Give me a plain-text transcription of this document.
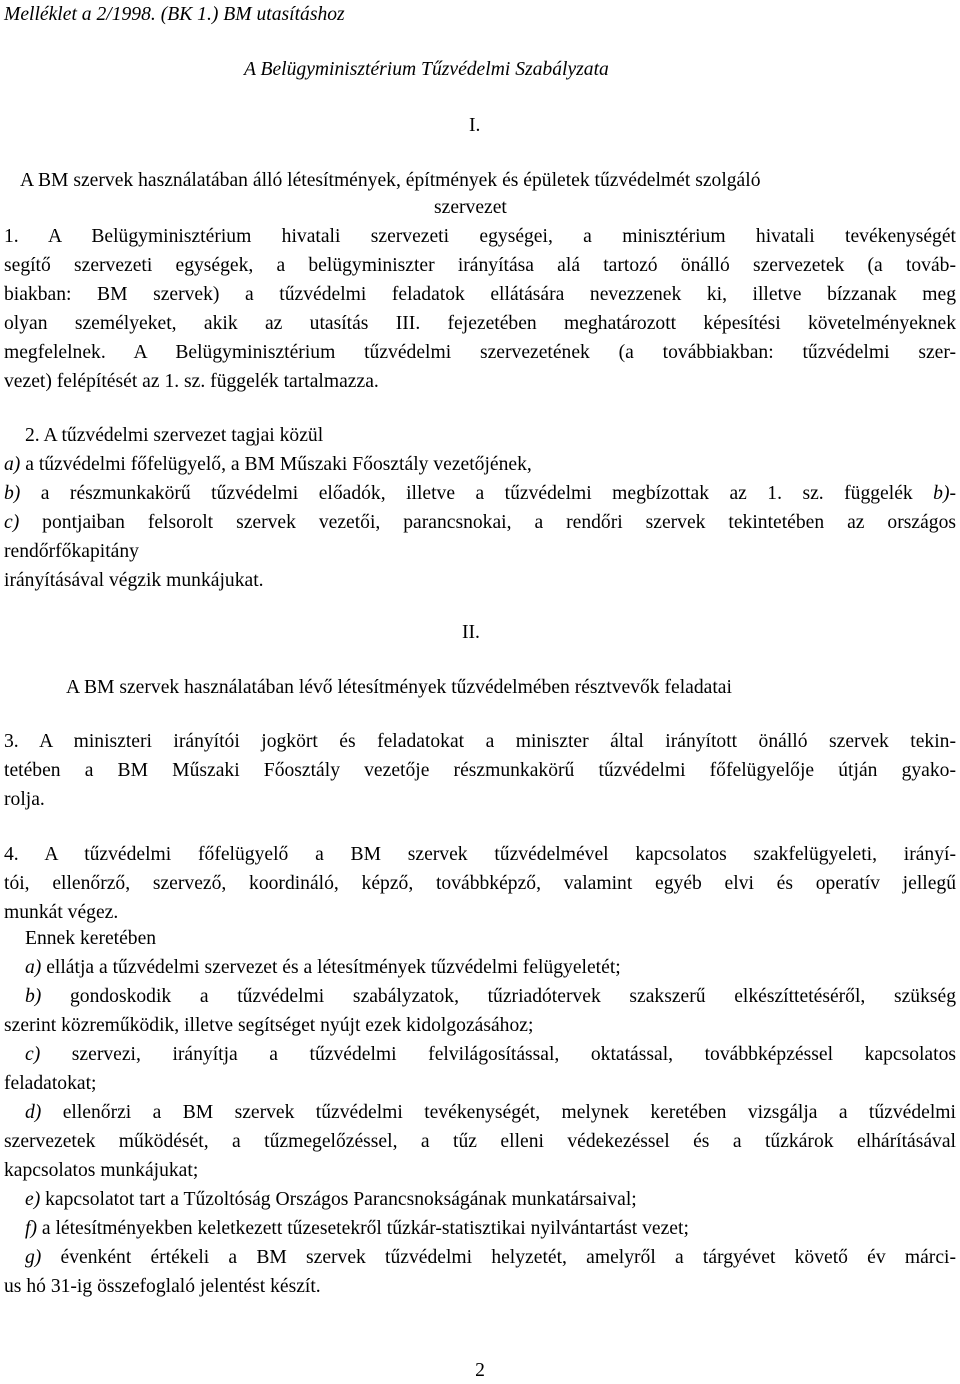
Melléklet a 2/1998. (BK 1.) BM utasításhoz

A Belügyminisztérium Tűzvédelmi Szabályzata

I.

A BM szervek használatában álló létesítmények, építmények és épületek tűzvédelmét szolgáló

szervezet

1. A Belügyminisztérium hivatali szervezeti egységei, a minisztérium hivatali tevékenységét

segítő szervezeti egységek, a belügyminiszter irányítása alá tartozó önálló szervezetek (a továb-

biakban: BM szervek) a tűzvédelmi feladatok ellátására nevezzenek ki, illetve bízzanak meg

olyan személyeket, akik az utasítás III. fejezetében meghatározott képesítési követelményeknek

megfelelnek. A Belügyminisztérium tűzvédelmi szervezetének (a továbbiakban: tűzvédelmi szer-

vezet) felépítését az 1. sz. függelék tartalmazza.

2. A tűzvédelmi szervezet tagjai közül

a) a tűzvédelmi főfelügyelő, a BM Műszaki Főosztály vezetőjének,

b) a részmunkakörű tűzvédelmi előadók, illetve a tűzvédelmi megbízottak az 1. sz. függelék b)-

c) pontjaiban felsorolt szervek vezetői, parancsnokai, a rendőri szervek tekintetében az országos

rendőrfőkapitány

irányításával végzik munkájukat.

II.

A BM szervek használatában lévő létesítmények tűzvédelmében résztvevők feladatai

3. A miniszteri irányítói jogkört és feladatokat a miniszter által irányított önálló szervek tekin-

tetében a BM Műszaki Főosztály vezetője részmunkakörű tűzvédelmi főfelügyelője útján gyako-

rolja.

4. A tűzvédelmi főfelügyelő a BM szervek tűzvédelmével kapcsolatos szakfelügyeleti, irányí-

tói, ellenőrző, szervező, koordináló, képző, továbbképző, valamint egyéb elvi és operatív jellegű

munkát végez.

Ennek keretében

a) ellátja a tűzvédelmi szervezet és a létesítmények tűzvédelmi felügyeletét;

b) gondoskodik a tűzvédelmi szabályzatok, tűzriadótervek szakszerű elkészíttetéséről, szükség

szerint közreműködik, illetve segítséget nyújt ezek kidolgozásához;

c) szervezi, irányítja a tűzvédelmi felvilágosítással, oktatással, továbbképzéssel kapcsolatos

feladatokat;

d) ellenőrzi a BM szervek tűzvédelmi tevékenységét, melynek keretében vizsgálja a tűzvédelmi

szervezetek működését, a tűzmegelőzéssel, a tűz elleni védekezéssel és a tűzkárok elhárításával

kapcsolatos munkájukat;

e) kapcsolatot tart a Tűzoltóság Országos Parancsnokságának munkatársaival;

f) a létesítményekben keletkezett tűzesetekről tűzkár-statisztikai nyilvántartást vezet;

g) évenként értékeli a BM szervek tűzvédelmi helyzetét, amelyről a tárgyévet követő év márci-

us hó 31-ig összefoglaló jelentést készít.

2
